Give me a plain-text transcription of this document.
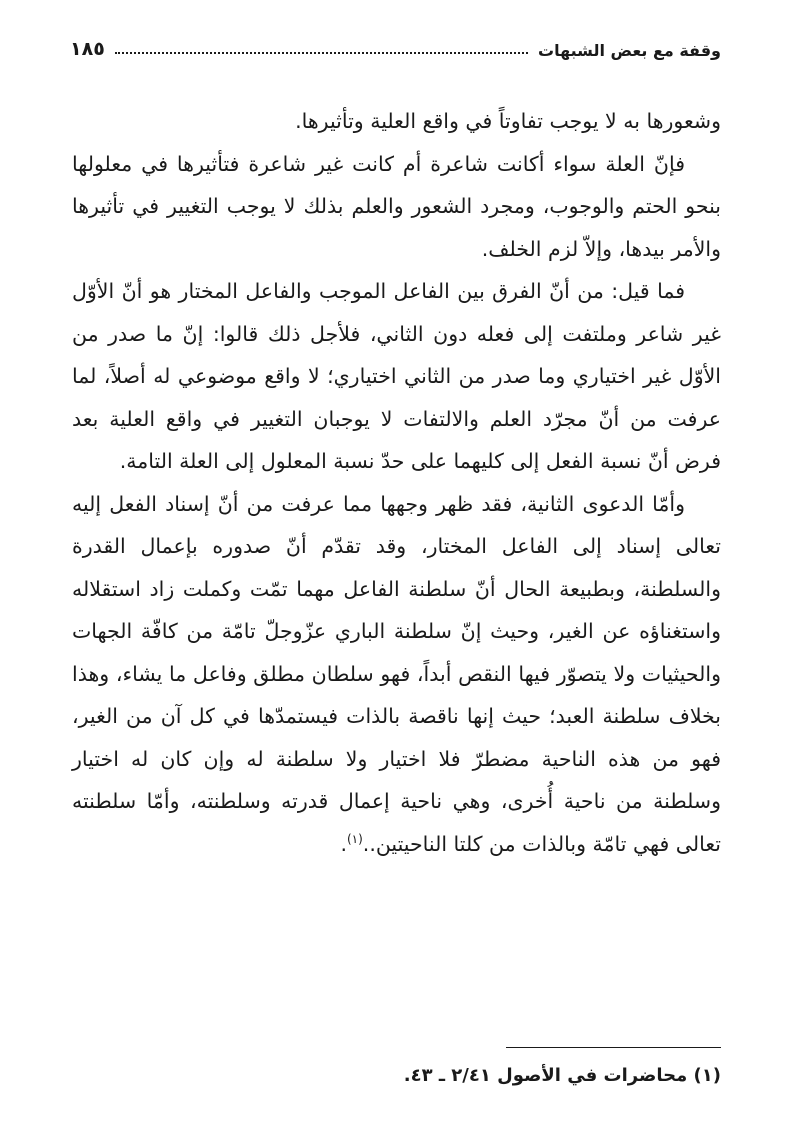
وقفة مع بعض الشبهات
١٨٥

وشعورها به لا يوجب تفاوتاً في واقع العلية وتأثيرها.

فإنّ العلة سواء أكانت شاعرة أم كانت غير شاعرة فتأثيرها في معلولها بنحو الحتم والوجوب، ومجرد الشعور والعلم بذلك لا يوجب التغيير في تأثيرها والأمر بيدها، وإلاّ لزم الخلف.

فما قيل: من أنّ الفرق بين الفاعل الموجب والفاعل المختار هو أنّ الأوّل غير شاعر وملتفت إلى فعله دون الثاني، فلأجل ذلك قالوا: إنّ ما صدر من الأوّل غير اختياري وما صدر من الثاني اختياري؛ لا واقع موضوعي له أصلاً، لما عرفت من أنّ مجرّد العلم والالتفات لا يوجبان التغيير في واقع العلية بعد فرض أنّ نسبة الفعل إلى كليهما على حدّ نسبة المعلول إلى العلة التامة.

وأمّا الدعوى الثانية، فقد ظهر وجهها مما عرفت من أنّ إسناد الفعل إليه تعالى إسناد إلى الفاعل المختار، وقد تقدّم أنّ صدوره بإعمال القدرة والسلطنة، وبطبيعة الحال أنّ سلطنة الفاعل مهما تمّت وكملت زاد استقلاله واستغناؤه عن الغير، وحيث إنّ سلطنة الباري عزّوجلّ تامّة من كافّة الجهات والحيثيات ولا يتصوّر فيها النقص أبداً، فهو سلطان مطلق وفاعل ما يشاء، وهذا بخلاف سلطنة العبد؛ حيث إنها ناقصة بالذات فيستمدّها في كل آن من الغير، فهو من هذه الناحية مضطرّ فلا اختيار ولا سلطنة له وإن كان له اختيار وسلطنة من ناحية أُخرى، وهي ناحية إعمال قدرته وسلطنته، وأمّا سلطنته تعالى فهي تامّة وبالذات من كلتا الناحيتين..$^{(١)}$.

(١) محاضرات في الأصول ٢/٤١ ـ ٤٣.
